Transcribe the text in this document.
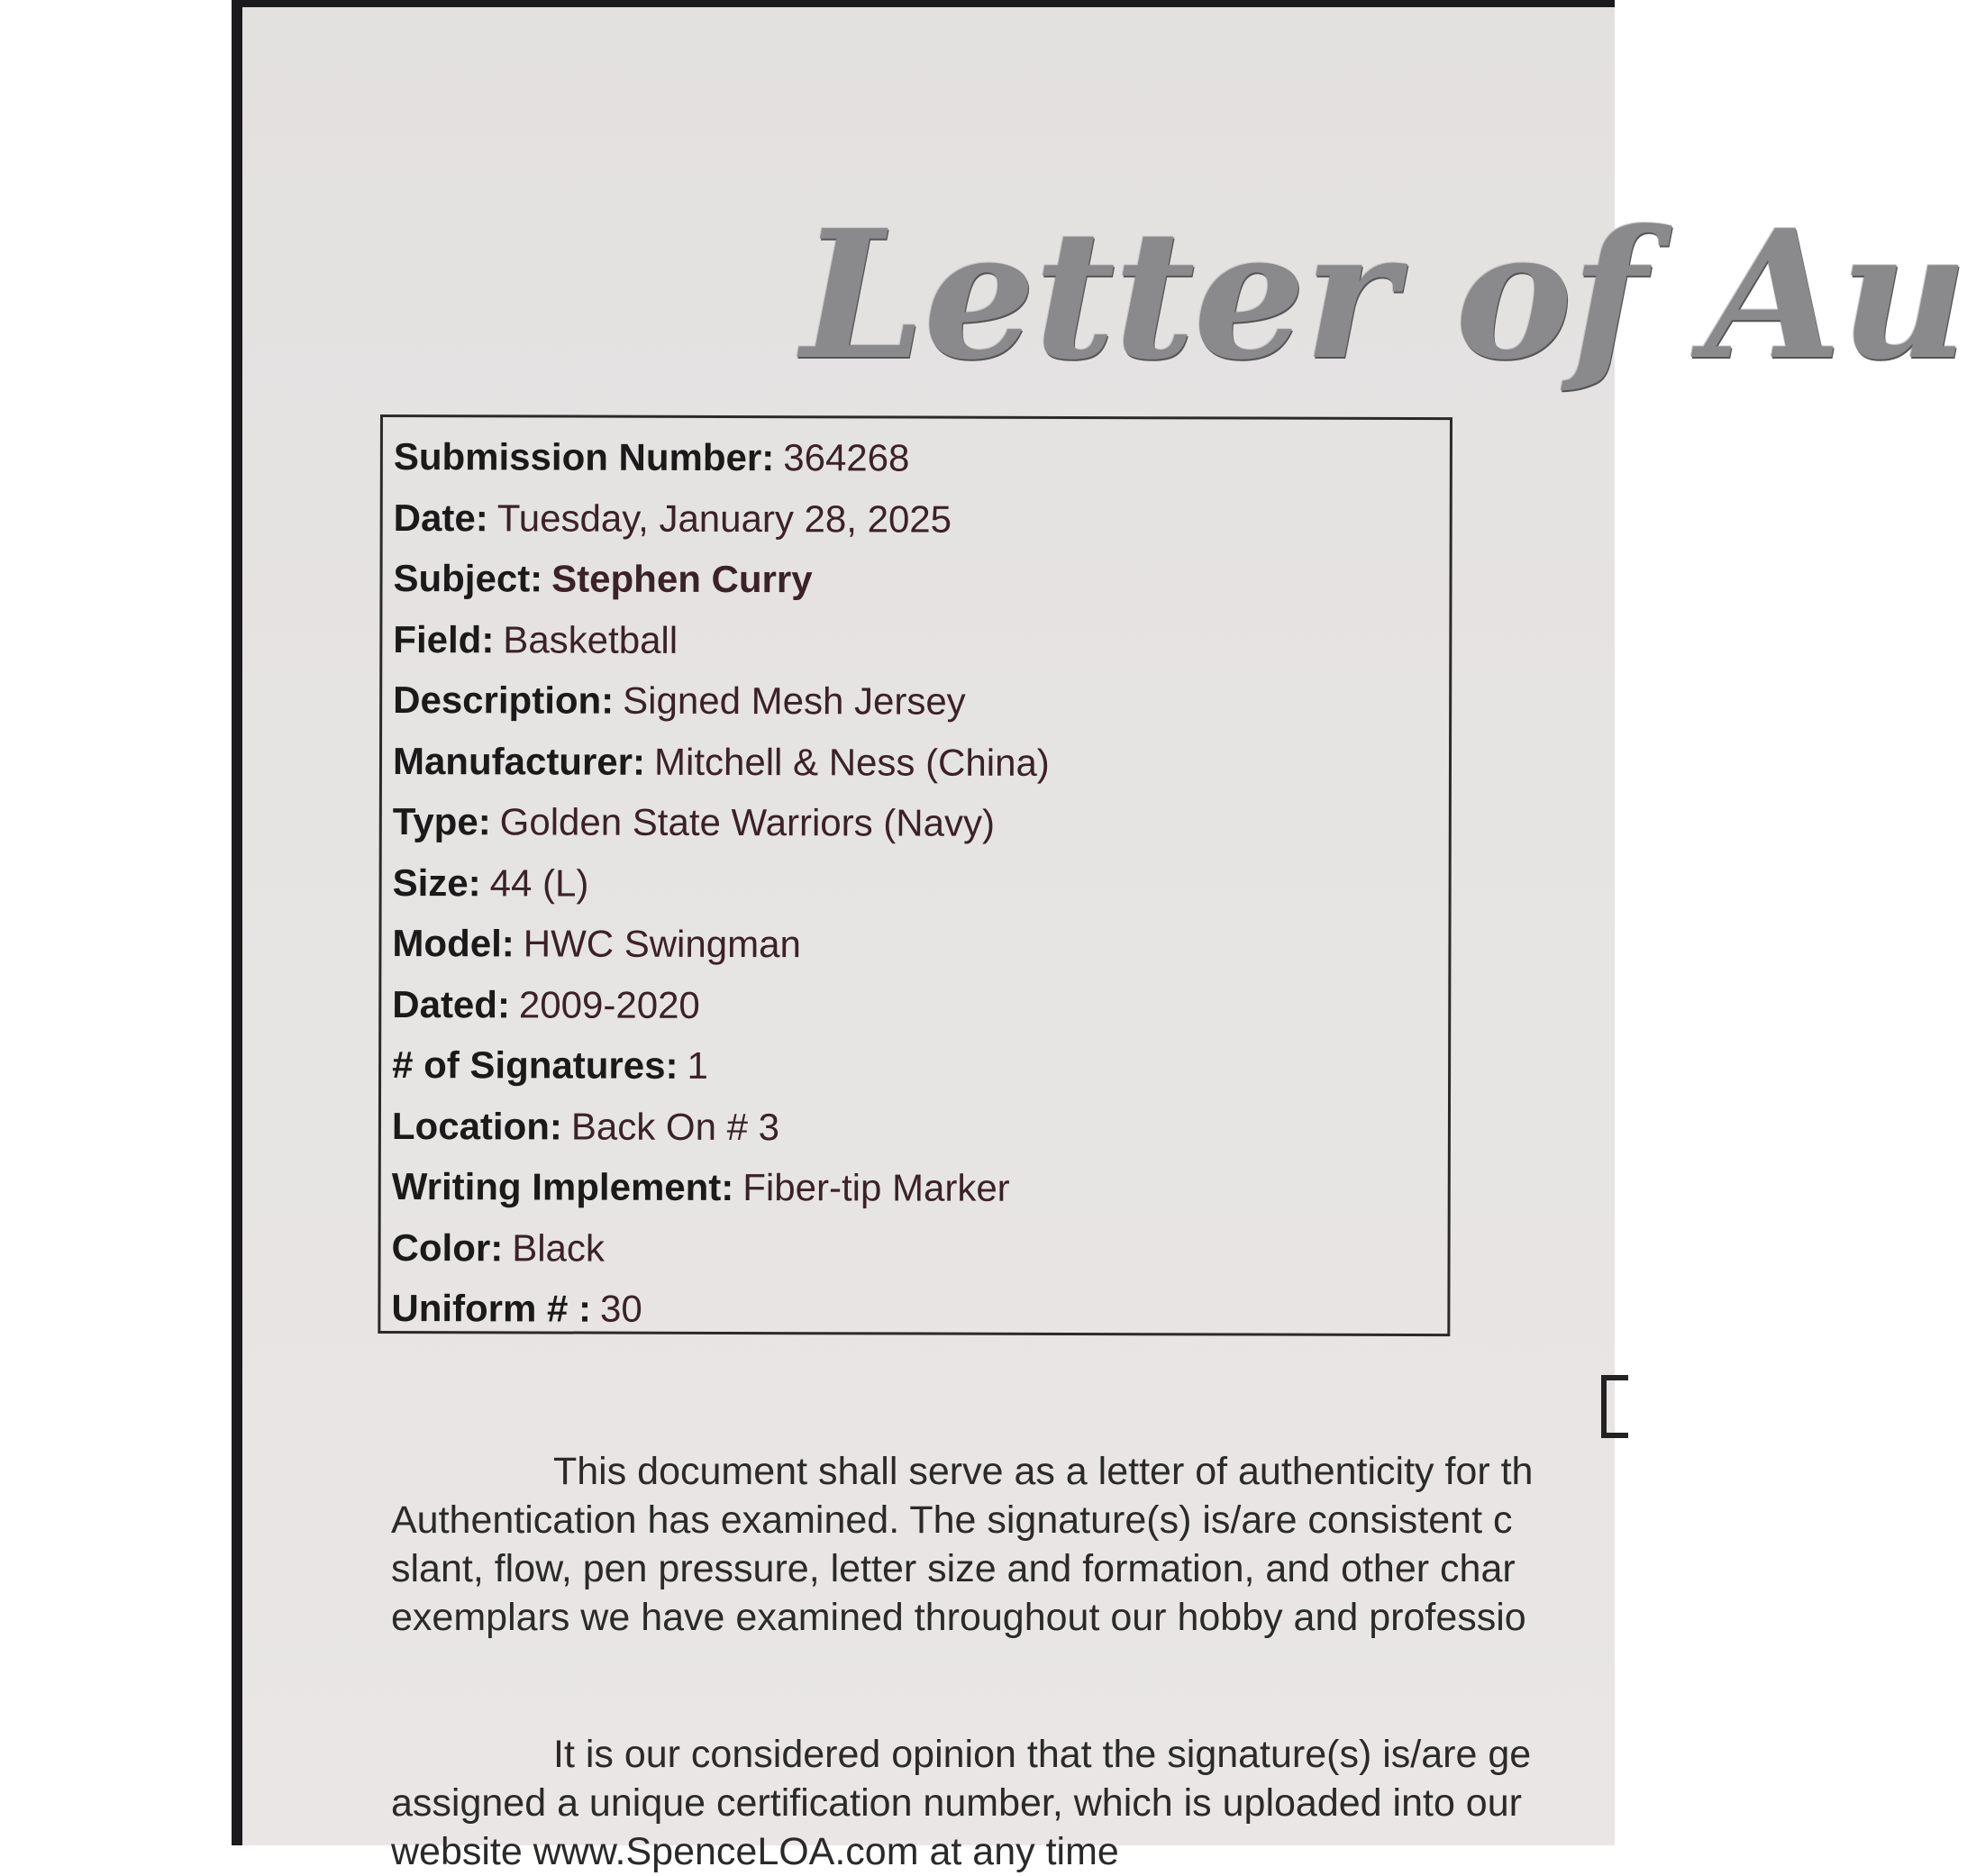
Letter of Au
Submission Number: 364268
Date: Tuesday, January 28, 2025
Subject: Stephen Curry
Field: Basketball
Description: Signed Mesh Jersey
Manufacturer: Mitchell & Ness (China)
Type: Golden State Warriors (Navy)
Size: 44 (L)
Model: HWC Swingman
Dated: 2009-2020
# of Signatures: 1
Location: Back On # 3
Writing Implement: Fiber-tip Marker
Color: Black
Uniform # : 30
This document shall serve as a letter of authenticity for th
Authentication has examined. The signature(s) is/are consistent c
slant, flow, pen pressure, letter size and formation, and other char
exemplars we have examined throughout our hobby and professio
It is our considered opinion that the signature(s) is/are ge
assigned a unique certification number, which is uploaded into our
website www.SpenceLOA.com at any time
